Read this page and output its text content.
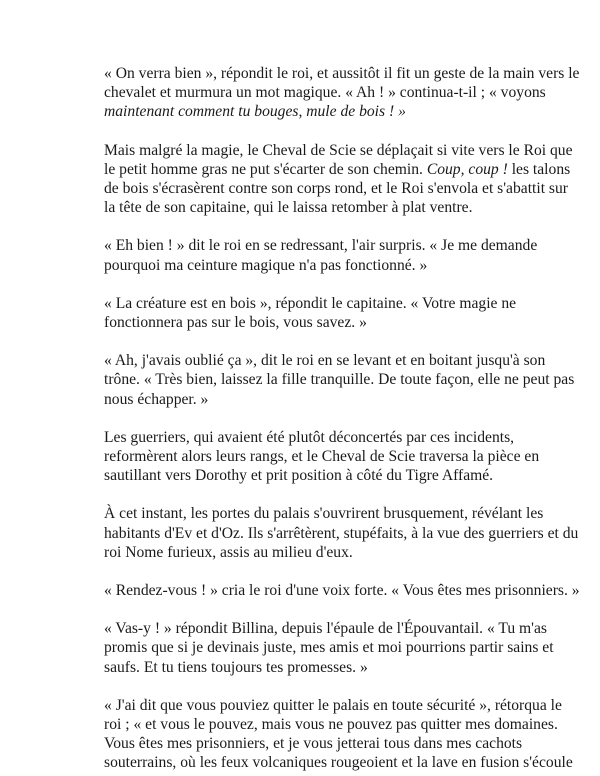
« On verra bien », répondit le roi, et aussitôt il fit un geste de la main vers le
chevalet et murmura un mot magique. « Ah ! » continua-t-il ; « voyons
maintenant comment tu bouges, mule de bois ! »

Mais malgré la magie, le Cheval de Scie se déplaçait si vite vers le Roi que
le petit homme gras ne put s'écarter de son chemin. Coup, coup ! les talons
de bois s'écrasèrent contre son corps rond, et le Roi s'envola et s'abattit sur
la tête de son capitaine, qui le laissa retomber à plat ventre.

« Eh bien ! » dit le roi en se redressant, l'air surpris. « Je me demande
pourquoi ma ceinture magique n'a pas fonctionné. »

« La créature est en bois », répondit le capitaine. « Votre magie ne
fonctionnera pas sur le bois, vous savez. »

« Ah, j'avais oublié ça », dit le roi en se levant et en boitant jusqu'à son
trône. « Très bien, laissez la fille tranquille. De toute façon, elle ne peut pas
nous échapper. »

Les guerriers, qui avaient été plutôt déconcertés par ces incidents,
reformèrent alors leurs rangs, et le Cheval de Scie traversa la pièce en
sautillant vers Dorothy et prit position à côté du Tigre Affamé.

À cet instant, les portes du palais s'ouvrirent brusquement, révélant les
habitants d'Ev et d'Oz. Ils s'arrêtèrent, stupéfaits, à la vue des guerriers et du
roi Nome furieux, assis au milieu d'eux.

« Rendez-vous ! » cria le roi d'une voix forte. « Vous êtes mes prisonniers. »

« Vas-y ! » répondit Billina, depuis l'épaule de l'Épouvantail. « Tu m'as
promis que si je devinais juste, mes amis et moi pourrions partir sains et
saufs. Et tu tiens toujours tes promesses. »

« J'ai dit que vous pouviez quitter le palais en toute sécurité », rétorqua le
roi ; « et vous le pouvez, mais vous ne pouvez pas quitter mes domaines.
Vous êtes mes prisonniers, et je vous jetterai tous dans mes cachots
souterrains, où les feux volcaniques rougeoient et la lave en fusion s'écoule
